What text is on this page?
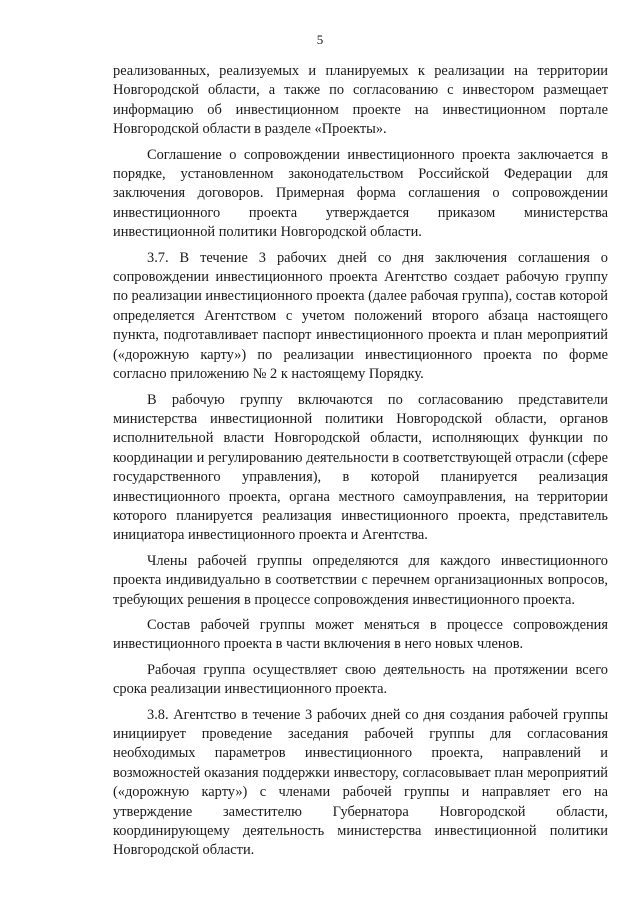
5

реализованных, реализуемых и планируемых к реализации на территории Новгородской области, а также по согласованию с инвестором размещает информацию об инвестиционном проекте на инвестиционном портале Новгородской области в разделе «Проекты».

Соглашение о сопровождении инвестиционного проекта заключается в порядке, установленном законодательством Российской Федерации для заключения договоров. Примерная форма соглашения о сопровождении инвестиционного проекта утверждается приказом министерства инвестиционной политики Новгородской области.

3.7. В течение 3 рабочих дней со дня заключения соглашения о сопровождении инвестиционного проекта Агентство создает рабочую группу по реализации инвестиционного проекта (далее рабочая группа), состав которой определяется Агентством с учетом положений второго абзаца настоящего пункта, подготавливает паспорт инвестиционного проекта и план мероприятий («дорожную карту») по реализации инвестиционного проекта по форме согласно приложению № 2 к настоящему Порядку.

В рабочую группу включаются по согласованию представители министерства инвестиционной политики Новгородской области, органов исполнительной власти Новгородской области, исполняющих функции по координации и регулированию деятельности в соответствующей отрасли (сфере государственного управления), в которой планируется реализация инвестиционного проекта, органа местного самоуправления, на территории которого планируется реализация инвестиционного проекта, представитель инициатора инвестиционного проекта и Агентства.

Члены рабочей группы определяются для каждого инвестиционного проекта индивидуально в соответствии с перечнем организационных вопросов, требующих решения в процессе сопровождения инвестиционного проекта.

Состав рабочей группы может меняться в процессе сопровождения инвестиционного проекта в части включения в него новых членов.

Рабочая группа осуществляет свою деятельность на протяжении всего срока реализации инвестиционного проекта.

3.8. Агентство в течение 3 рабочих дней со дня создания рабочей группы инициирует проведение заседания рабочей группы для согласования необходимых параметров инвестиционного проекта, направлений и возможностей оказания поддержки инвестору, согласовывает план мероприятий («дорожную карту») с членами рабочей группы и направляет его на утверждение заместителю Губернатора Новгородской области, координирующему деятельность министерства инвестиционной политики Новгородской области.
